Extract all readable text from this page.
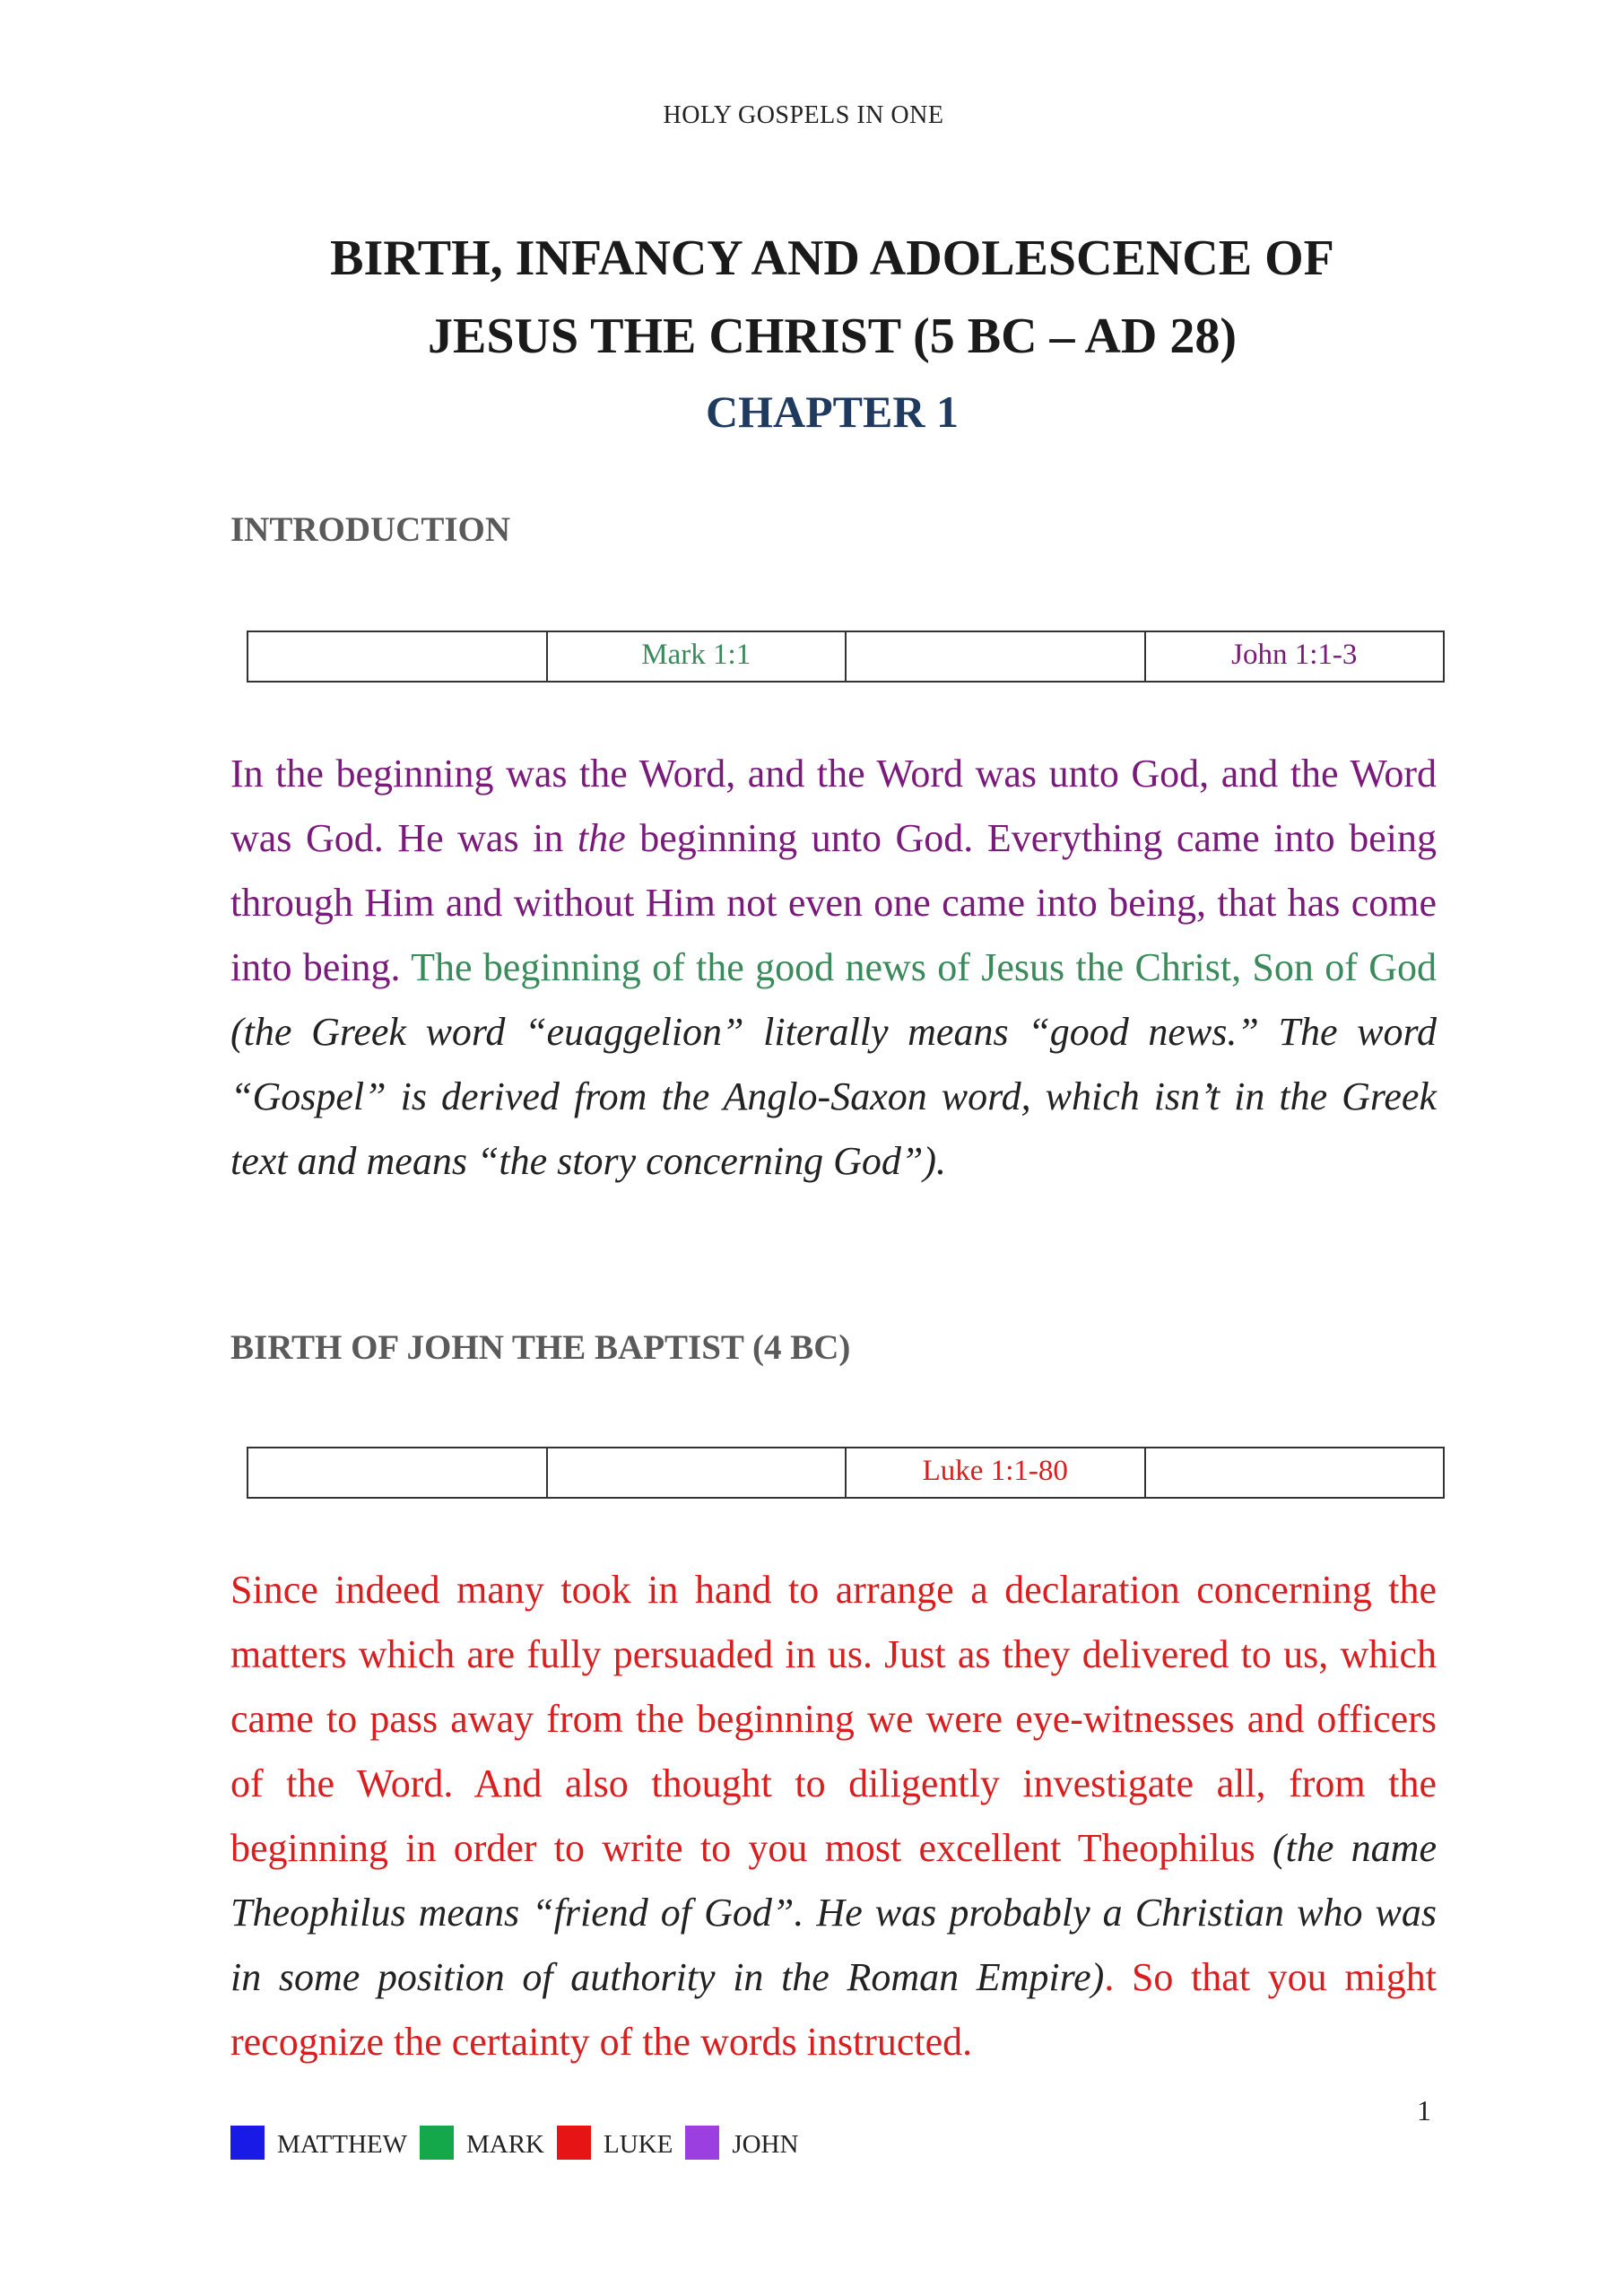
HOLY GOSPELS IN ONE
BIRTH, INFANCY AND ADOLESCENCE OF
JESUS THE CHRIST (5 BC – AD 28)
CHAPTER 1
INTRODUCTION
Mark 1:1	John 1:1-3

In the beginning was the Word, and the Word was unto God, and the Word was God. He was in the beginning unto God. Everything came into being through Him and without Him not even one came into being, that has come into being. The beginning of the good news of Jesus the Christ, Son of God (the Greek word “euaggelion” literally means “good news.” The word “Gospel” is derived from the Anglo-Saxon word, which isn’t in the Greek text and means “the story concerning God”).

BIRTH OF JOHN THE BAPTIST (4 BC)
Luke 1:1-80

Since indeed many took in hand to arrange a declaration concerning the matters which are fully persuaded in us. Just as they delivered to us, which came to pass away from the beginning we were eye-witnesses and officers of the Word. And also thought to diligently investigate all, from the beginning in order to write to you most excellent Theophilus (the name Theophilus means “friend of God”. He was probably a Christian who was in some position of authority in the Roman Empire). So that you might recognize the certainty of the words instructed.

1
MATTHEW MARK LUKE JOHN
